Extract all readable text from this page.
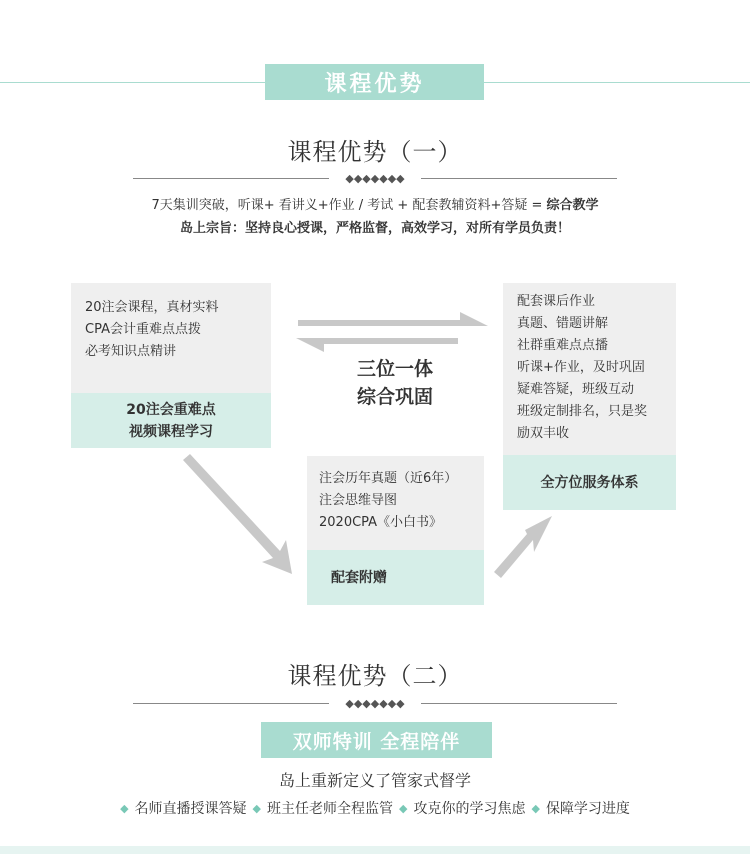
课程优势
课程优势（一）
◆◆◆◆◆◆◆
7天集训突破，听课+ 看讲义+作业 / 考试 + 配套教辅资料+答疑 = 综合教学
岛上宗旨：坚持良心授课，严格监督，高效学习，对所有学员负责！
20注会课程，真材实料
CPA会计重难点点拨
必考知识点精讲
20注会重难点
视频课程学习
三位一体
综合巩固
配套课后作业
真题、错题讲解
社群重难点点播
听课+作业，及时巩固
疑难答疑，班级互动
班级定制排名，只是奖
励双丰收
全方位服务体系
注会历年真题（近6年）
注会思维导图
2020CPA《小白书》
配套附赠
课程优势（二）
◆◆◆◆◆◆◆
双师特训 全程陪伴
岛上重新定义了管家式督学
◆ 名师直播授课答疑 ◆ 班主任老师全程监管 ◆ 攻克你的学习焦虑 ◆ 保障学习进度
